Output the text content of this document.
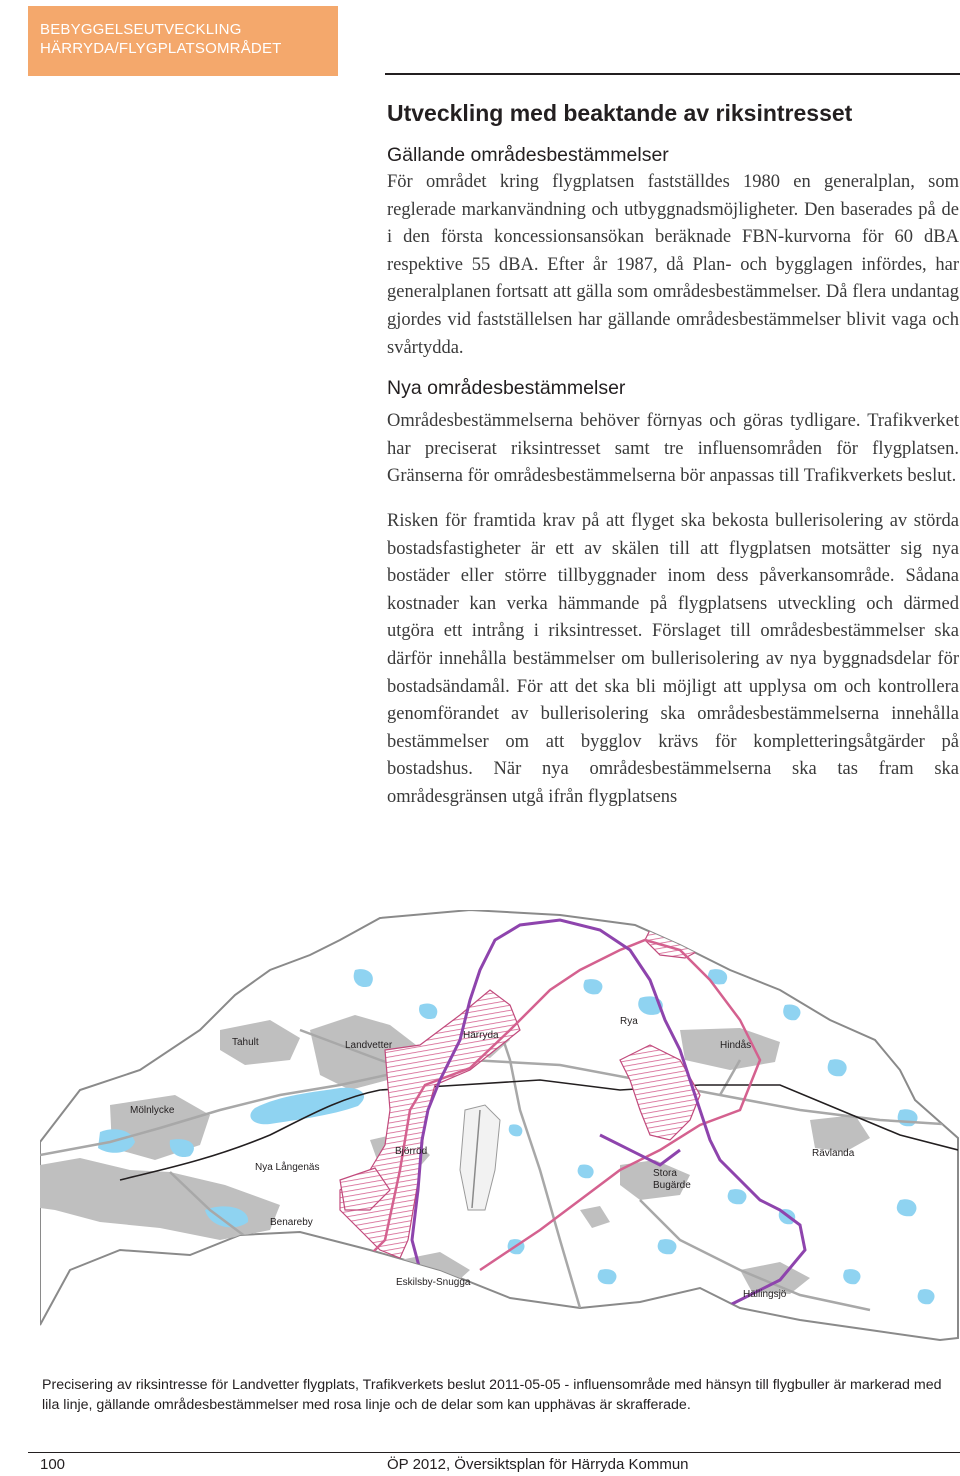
BEBYGGELSEUTVECKLING
HÄRRYDA/FLYGPLATSOMRÅDET
Utveckling med beaktande av riksintresset
Gällande områdesbestämmelser

För området kring flygplatsen fastställdes 1980 en generalplan, som reglerade markanvändning och utbyggnadsmöjligheter. Den baserades på de i den första koncessionsansökan beräknade FBN-kurvorna för 60 dBA respektive 55 dBA. Efter år 1987, då Plan- och bygglagen infördes, har generalplanen fortsatt att gälla som områdesbestämmelser. Då flera undantag gjordes vid fastställelsen har gällande områdesbestämmelser blivit vaga och svårtydda.

Nya områdesbestämmelser

Områdesbestämmelserna behöver förnyas och göras tydligare. Trafikverket har preciserat riksintresset samt tre influensområden för flygplatsen. Gränserna för områdesbestämmelserna bör anpassas till Trafikverkets beslut.

Risken för framtida krav på att flyget ska bekosta bullerisolering av störda bostadsfastigheter är ett av skälen till att flygplatsen motsätter sig nya bostäder eller större tillbyggnader inom dess påverkansområde. Sådana kostnader kan verka hämmande på flygplatsens utveckling och därmed utgöra ett intrång i riksintresset. Förslaget till områdesbestämmelser ska därför innehålla bestämmelser om bullerisolering av nya byggnadsdelar för bostadsändamål. För att det ska bli möjligt att upplysa om och kontrollera genomförandet av bullerisolering ska områdesbestämmelserna innehålla bestämmelser om att bygglov krävs för kompletteringsåtgärder på bostadshus. När nya områdesbestämmelserna ska tas fram ska områdesgränsen utgå ifrån flygplatsens

Tahult	Landvetter
Härryda
Rya
Hindås
Mölnlycke
Björröd	Rävlanda
Nya Långenäs
Stora Bugärde
Benareby
Eskilsby-Snugga
Hällingsjö
Precisering av riksintresse för Landvetter flygplats, Trafikverkets beslut 2011-05-05 - influensområde med hänsyn till flygbuller är markerad med lila linje, gällande områdesbestämmelser med rosa linje och de delar som kan upphävas är skrafferade.
100	ÖP 2012, Översiktsplan för Härryda Kommun
